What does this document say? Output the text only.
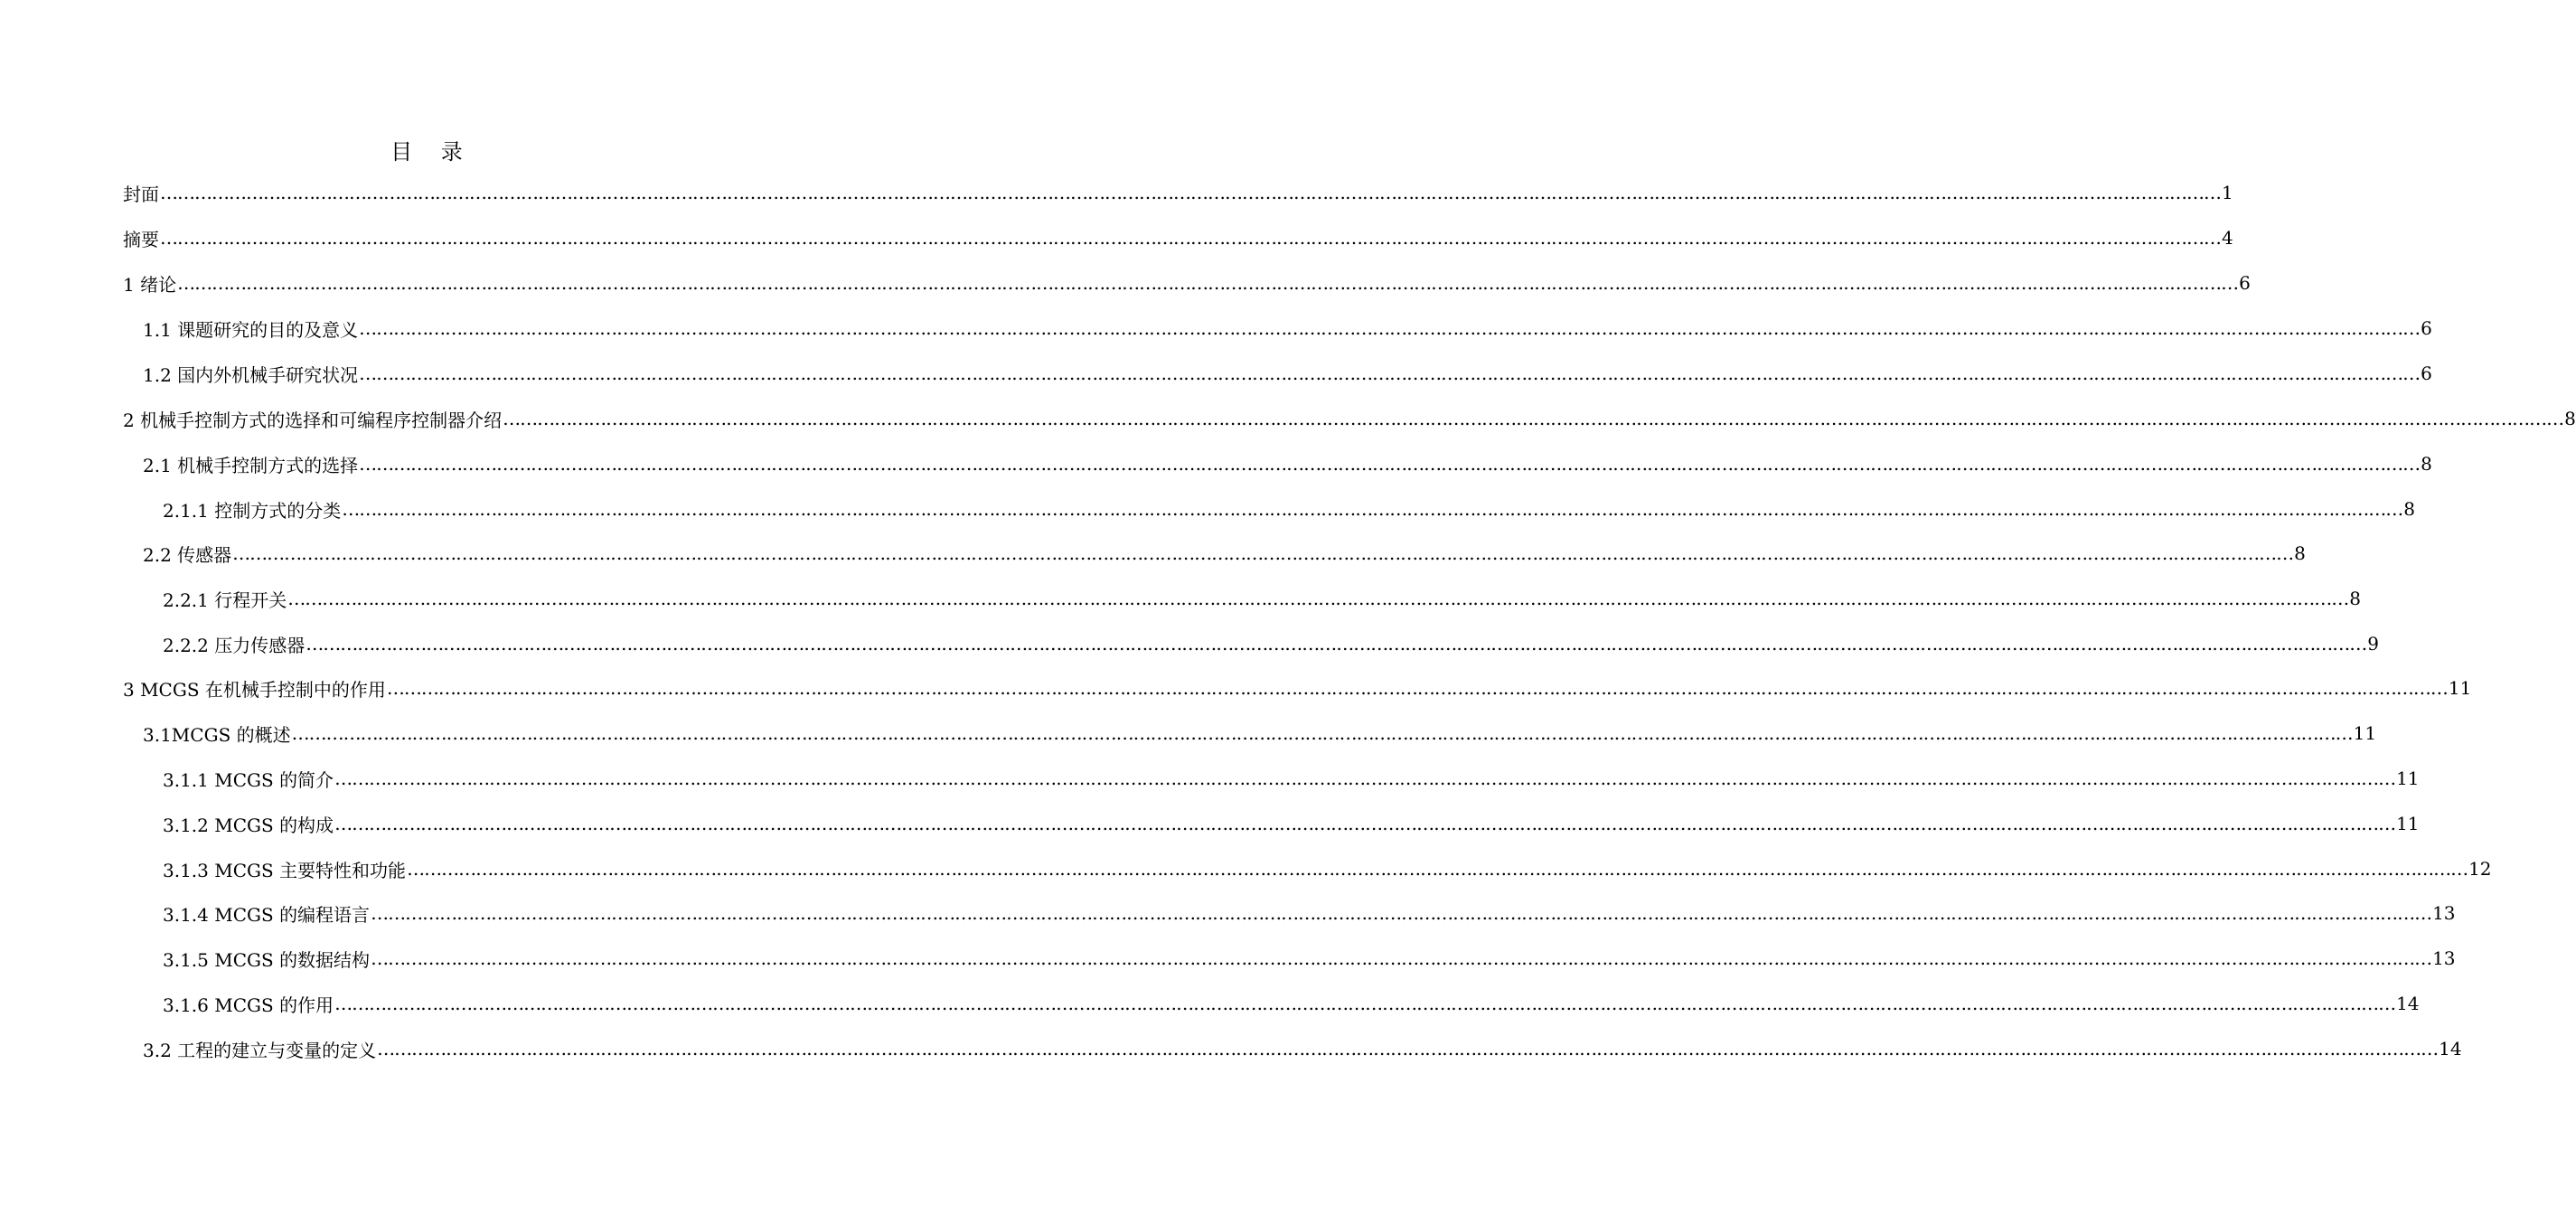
目 录
封面 ……………………………………………………………………………………………………………………………………………………………………………………………………………………………………………………………………………………………………………………………… 1
摘要 ……………………………………………………………………………………………………………………………………………………………………………………………………………………………………………………………………………………………………………………………… 4
1 绪论 ……………………………………………………………………………………………………………………………………………………………………………………………………………………………………………………………………………………………………………………………… 6
1.1 课题研究的目的及意义 ……………………………………………………………………………………………………………………………………………………………………………………………………………………………………………………………………………………………………………………………… 6
1.2 国内外机械手研究状况 ……………………………………………………………………………………………………………………………………………………………………………………………………………………………………………………………………………………………………………………………… 6
2 机械手控制方式的选择和可编程序控制器介绍 ……………………………………………………………………………………………………………………………………………………………………………………………………………………………………………………………………………………………………………………………… 8
2.1 机械手控制方式的选择 ……………………………………………………………………………………………………………………………………………………………………………………………………………………………………………………………………………………………………………………………… 8
2.1.1 控制方式的分类 ……………………………………………………………………………………………………………………………………………………………………………………………………………………………………………………………………………………………………………………………… 8
2.2 传感器 ……………………………………………………………………………………………………………………………………………………………………………………………………………………………………………………………………………………………………………………………… 8
2.2.1 行程开关 ……………………………………………………………………………………………………………………………………………………………………………………………………………………………………………………………………………………………………………………………… 8
2.2.2 压力传感器 ……………………………………………………………………………………………………………………………………………………………………………………………………………………………………………………………………………………………………………………………… 9
3 MCGS 在机械手控制中的作用 ……………………………………………………………………………………………………………………………………………………………………………………………………………………………………………………………………………………………………………………………… 11
3.1MCGS 的概述 ……………………………………………………………………………………………………………………………………………………………………………………………………………………………………………………………………………………………………………………………… 11
3.1.1 MCGS 的简介 ……………………………………………………………………………………………………………………………………………………………………………………………………………………………………………………………………………………………………………………………… 11
3.1.2 MCGS 的构成 ……………………………………………………………………………………………………………………………………………………………………………………………………………………………………………………………………………………………………………………………… 11
3.1.3 MCGS 主要特性和功能 ……………………………………………………………………………………………………………………………………………………………………………………………………………………………………………………………………………………………………………………………… 12
3.1.4 MCGS 的编程语言 ……………………………………………………………………………………………………………………………………………………………………………………………………………………………………………………………………………………………………………………………… 13
3.1.5 MCGS 的数据结构 ……………………………………………………………………………………………………………………………………………………………………………………………………………………………………………………………………………………………………………………………… 13
3.1.6 MCGS 的作用 ……………………………………………………………………………………………………………………………………………………………………………………………………………………………………………………………………………………………………………………………… 14
3.2 工程的建立与变量的定义 ……………………………………………………………………………………………………………………………………………………………………………………………………………………………………………………………………………………………………………………………… 14
